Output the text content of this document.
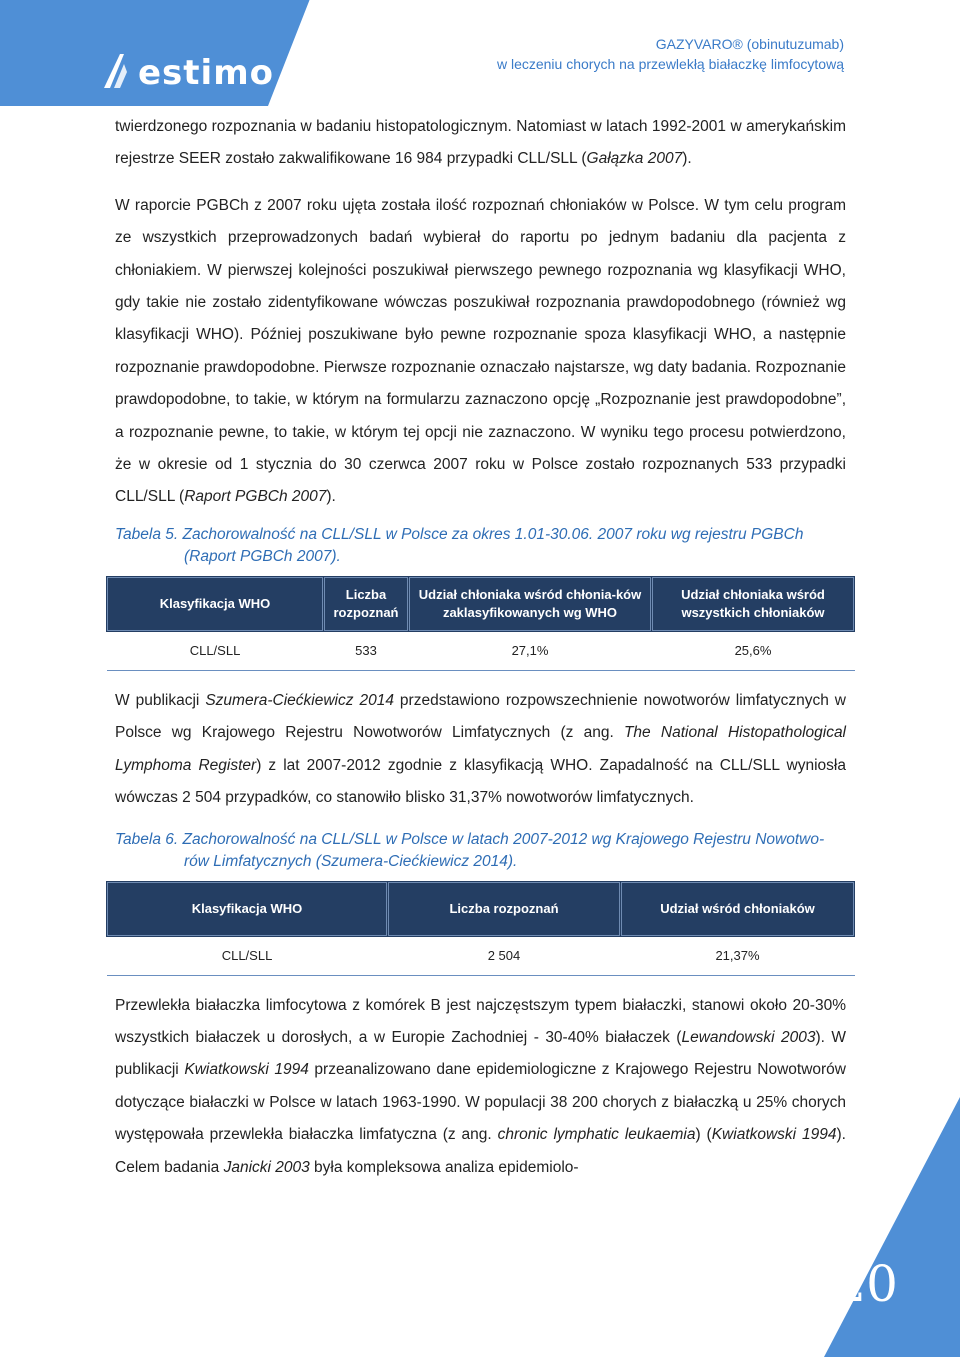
estimo
GAZYVARO® (obinutuzumab)
w leczeniu chorych na przewlekłą białaczkę limfocytową

twierdzonego rozpoznania w badaniu histopatologicznym. Natomiast w latach 1992-2001 w amerykańskim rejestrze SEER zostało zakwalifikowane 16 984 przypadki CLL/SLL (Gałązka 2007).

W raporcie PGBCh z 2007 roku ujęta została ilość rozpoznań chłoniaków w Polsce. W tym celu program ze wszystkich przeprowadzonych badań wybierał do raportu po jednym badaniu dla pacjenta z chłoniakiem. W pierwszej kolejności poszukiwał pierwszego pewnego rozpoznania wg klasyfikacji WHO, gdy takie nie zostało zidentyfikowane wówczas poszukiwał rozpoznania prawdopodobnego (również wg klasyfikacji WHO). Później poszukiwane było pewne rozpoznanie spoza klasyfikacji WHO, a następnie rozpoznanie prawdopodobne. Pierwsze rozpoznanie oznaczało najstarsze, wg daty badania. Rozpoznanie prawdopodobne, to takie, w którym na formularzu zaznaczono opcję „Rozpoznanie jest prawdopodobne”, a rozpoznanie pewne, to takie, w którym tej opcji nie zaznaczono. W wyniku tego procesu potwierdzono, że w okresie od 1 stycznia do 30 czerwca 2007 roku w Polsce zostało rozpoznanych 533 przypadki CLL/SLL (Raport PGBCh 2007).

Tabela 5. Zachorowalność na CLL/SLL w Polsce za okres 1.01-30.06. 2007 roku wg rejestru PGBCh
(Raport PGBCh 2007).
Klasyfikacja WHO	Liczba rozpoznań	Udział chłoniaka wśród chłonia-ków zaklasyfikowanych wg WHO	Udział chłoniaka wśród wszystkich chłoniaków

CLL/SLL	533	27,1%	25,6%

W publikacji Szumera-Ciećkiewicz 2014 przedstawiono rozpowszechnienie nowotworów limfatycznych w Polsce wg Krajowego Rejestru Nowotworów Limfatycznych (z ang. The National Histopathological Lymphoma Register) z lat 2007-2012 zgodnie z klasyfikacją WHO. Zapadalność na CLL/SLL wyniosła wówczas 2 504 przypadków, co stanowiło blisko 31,37% nowotworów limfatycznych.

Tabela 6. Zachorowalność na CLL/SLL w Polsce w latach 2007-2012 wg Krajowego Rejestru Nowotwo-
rów Limfatycznych (Szumera-Ciećkiewicz 2014).
Klasyfikacja WHO	Liczba rozpoznań	Udział wśród chłoniaków

CLL/SLL	2 504	21,37%

Przewlekła białaczka limfocytowa z komórek B jest najczęstszym typem białaczki, stanowi około 20-30% wszystkich białaczek u dorosłych, a w Europie Zachodniej - 30-40% białaczek (Lewandowski 2003). W publikacji Kwiatkowski 1994 przeanalizowano dane epidemiologiczne z Krajowego Rejestru Nowotworów dotyczące białaczki w Polsce w latach 1963-1990. W populacji 38 200 chorych z białaczką u 25% chorych występowała przewlekła białaczka limfatyczna (z ang. chronic lymphatic leukaemia) (Kwiatkowski 1994). Celem badania Janicki 2003 była kompleksowa analiza epidemiolo-

20
